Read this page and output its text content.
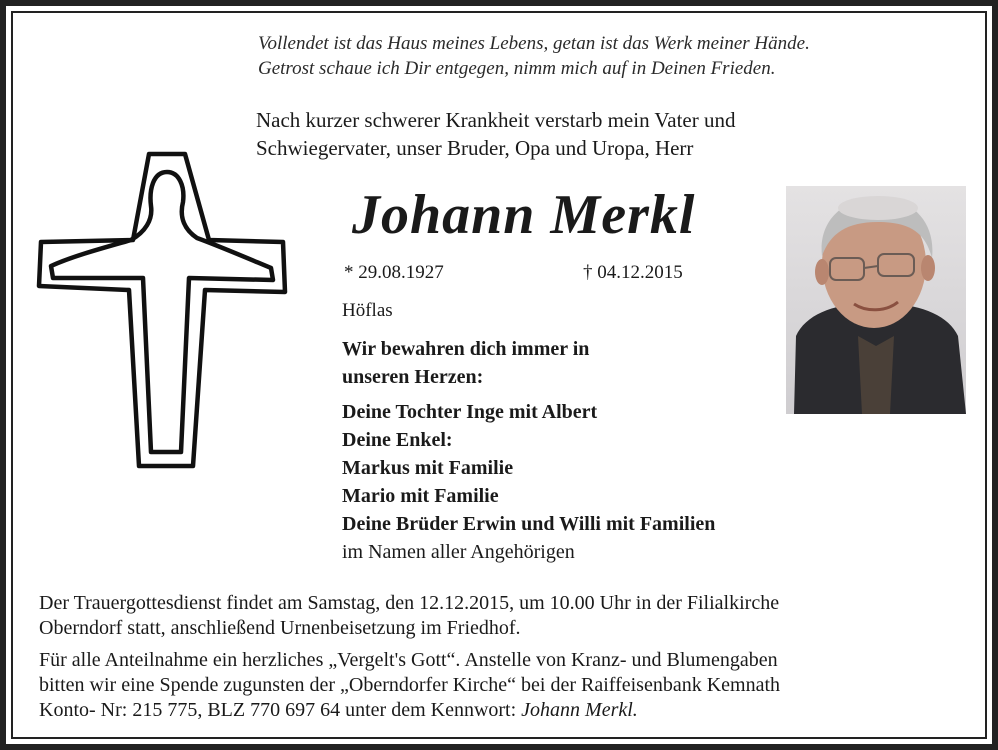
Vollendet ist das Haus meines Lebens, getan ist das Werk meiner Hände.
Getrost schaue ich Dir entgegen, nimm mich auf in Deinen Frieden.
Nach kurzer schwerer Krankheit verstarb mein Vater und
Schwiegervater, unser Bruder, Opa und Uropa, Herr
Johann Merkl
* 29.08.1927	† 04.12.2015
Höflas
Wir bewahren dich immer in
unseren Herzen:
Deine Tochter Inge mit Albert
Deine Enkel:
Markus mit Familie
Mario mit Familie
Deine Brüder Erwin und Willi mit Familien
im Namen aller Angehörigen
Der Trauergottesdienst findet am Samstag, den 12.12.2015, um 10.00 Uhr in der Filialkirche
Oberndorf statt, anschließend Urnenbeisetzung im Friedhof.
Für alle Anteilnahme ein herzliches „Vergelt's Gott“. Anstelle von Kranz- und Blumengaben
bitten wir eine Spende zugunsten der „Oberndorfer Kirche“ bei der Raiffeisenbank Kemnath
Konto- Nr: 215 775, BLZ 770 697 64 unter dem Kennwort: Johann Merkl.
